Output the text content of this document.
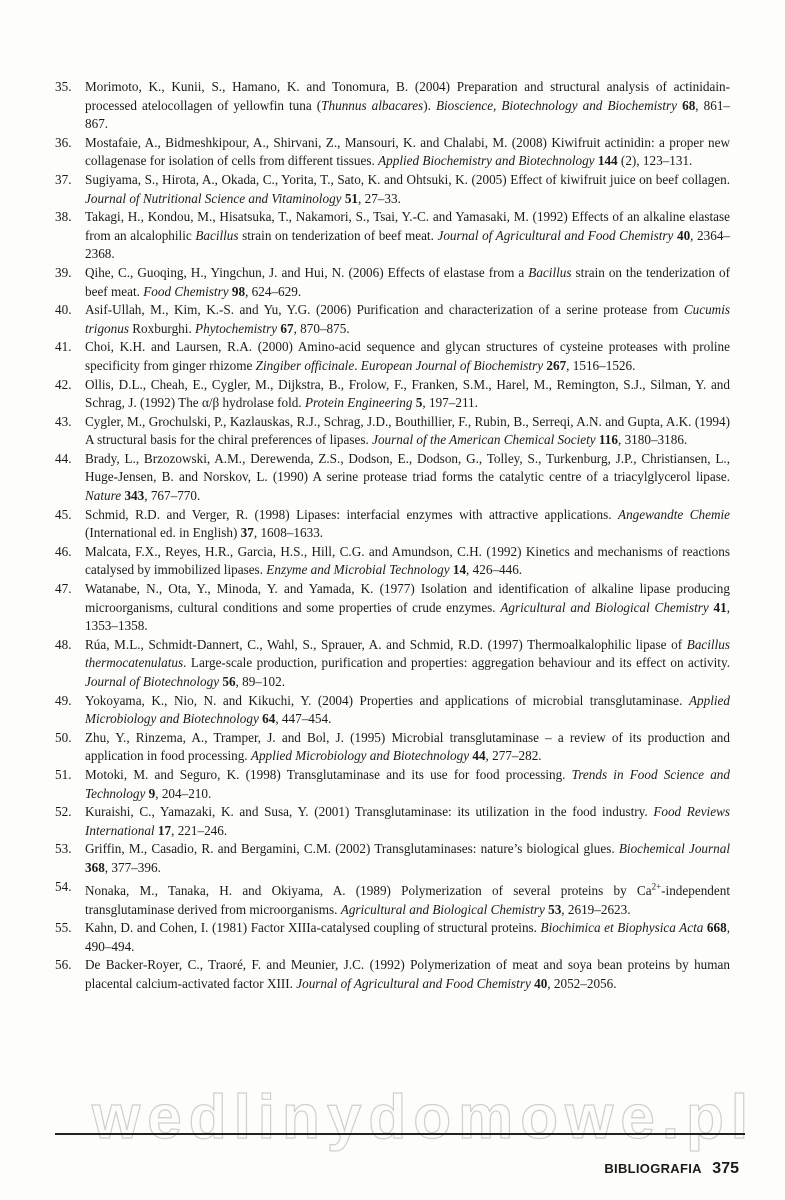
35.	Morimoto, K., Kunii, S., Hamano, K. and Tonomura, B. (2004) Preparation and structural analysis of actinidain-processed atelocollagen of yellowfin tuna (Thunnus albacares). Bioscience, Biotechnology and Biochemistry 68, 861–867.
36.	Mostafaie, A., Bidmeshkipour, A., Shirvani, Z., Mansouri, K. and Chalabi, M. (2008) Kiwifruit actinidin: a proper new collagenase for isolation of cells from different tissues. Applied Biochemistry and Biotechnology 144 (2), 123–131.
37.	Sugiyama, S., Hirota, A., Okada, C., Yorita, T., Sato, K. and Ohtsuki, K. (2005) Effect of kiwifruit juice on beef collagen. Journal of Nutritional Science and Vitaminology 51, 27–33.
38.	Takagi, H., Kondou, M., Hisatsuka, T., Nakamori, S., Tsai, Y.-C. and Yamasaki, M. (1992) Effects of an alkaline elastase from an alcalophilic Bacillus strain on tenderization of beef meat. Journal of Agricultural and Food Chemistry 40, 2364–2368.
39.	Qihe, C., Guoqing, H., Yingchun, J. and Hui, N. (2006) Effects of elastase from a Bacillus strain on the tenderization of beef meat. Food Chemistry 98, 624–629.
40.	Asif-Ullah, M., Kim, K.-S. and Yu, Y.G. (2006) Purification and characterization of a serine protease from Cucumis trigonus Roxburghi. Phytochemistry 67, 870–875.
41.	Choi, K.H. and Laursen, R.A. (2000) Amino-acid sequence and glycan structures of cysteine proteases with proline specificity from ginger rhizome Zingiber officinale. European Journal of Biochemistry 267, 1516–1526.
42.	Ollis, D.L., Cheah, E., Cygler, M., Dijkstra, B., Frolow, F., Franken, S.M., Harel, M., Remington, S.J., Silman, Y. and Schrag, J. (1992) The α/β hydrolase fold. Protein Engineering 5, 197–211.
43.	Cygler, M., Grochulski, P., Kazlauskas, R.J., Schrag, J.D., Bouthillier, F., Rubin, B., Serreqi, A.N. and Gupta, A.K. (1994) A structural basis for the chiral preferences of lipases. Journal of the American Chemical Society 116, 3180–3186.
44.	Brady, L., Brzozowski, A.M., Derewenda, Z.S., Dodson, E., Dodson, G., Tolley, S., Turkenburg, J.P., Christiansen, L., Huge-Jensen, B. and Norskov, L. (1990) A serine protease triad forms the catalytic centre of a triacylglycerol lipase. Nature 343, 767–770.
45.	Schmid, R.D. and Verger, R. (1998) Lipases: interfacial enzymes with attractive applications. Angewandte Chemie (International ed. in English) 37, 1608–1633.
46.	Malcata, F.X., Reyes, H.R., Garcia, H.S., Hill, C.G. and Amundson, C.H. (1992) Kinetics and mechanisms of reactions catalysed by immobilized lipases. Enzyme and Microbial Technology 14, 426–446.
47.	Watanabe, N., Ota, Y., Minoda, Y. and Yamada, K. (1977) Isolation and identification of alkaline lipase producing microorganisms, cultural conditions and some properties of crude enzymes. Agricultural and Biological Chemistry 41, 1353–1358.
48.	Rúa, M.L., Schmidt-Dannert, C., Wahl, S., Sprauer, A. and Schmid, R.D. (1997) Thermoalkalophilic lipase of Bacillus thermocatenulatus. Large-scale production, purification and properties: aggregation behaviour and its effect on activity. Journal of Biotechnology 56, 89–102.
49.	Yokoyama, K., Nio, N. and Kikuchi, Y. (2004) Properties and applications of microbial transglutaminase. Applied Microbiology and Biotechnology 64, 447–454.
50.	Zhu, Y., Rinzema, A., Tramper, J. and Bol, J. (1995) Microbial transglutaminase – a review of its production and application in food processing. Applied Microbiology and Biotechnology 44, 277–282.
51.	Motoki, M. and Seguro, K. (1998) Transglutaminase and its use for food processing. Trends in Food Science and Technology 9, 204–210.
52.	Kuraishi, C., Yamazaki, K. and Susa, Y. (2001) Transglutaminase: its utilization in the food industry. Food Reviews International 17, 221–246.
53.	Griffin, M., Casadio, R. and Bergamini, C.M. (2002) Transglutaminases: nature’s biological glues. Biochemical Journal 368, 377–396.
54.	Nonaka, M., Tanaka, H. and Okiyama, A. (1989) Polymerization of several proteins by $Ca^{2+}$-independent transglutaminase derived from microorganisms. Agricultural and Biological Chemistry 53, 2619–2623.
55.	Kahn, D. and Cohen, I. (1981) Factor XIIIa-catalysed coupling of structural proteins. Biochimica et Biophysica Acta 668, 490–494.
56.	De Backer-Royer, C., Traoré, F. and Meunier, J.C. (1992) Polymerization of meat and soya bean proteins by human placental calcium-activated factor XIII. Journal of Agricultural and Food Chemistry 40, 2052–2056.
wedlinydomowe.pl
BIBLIOGRAFIA 375
